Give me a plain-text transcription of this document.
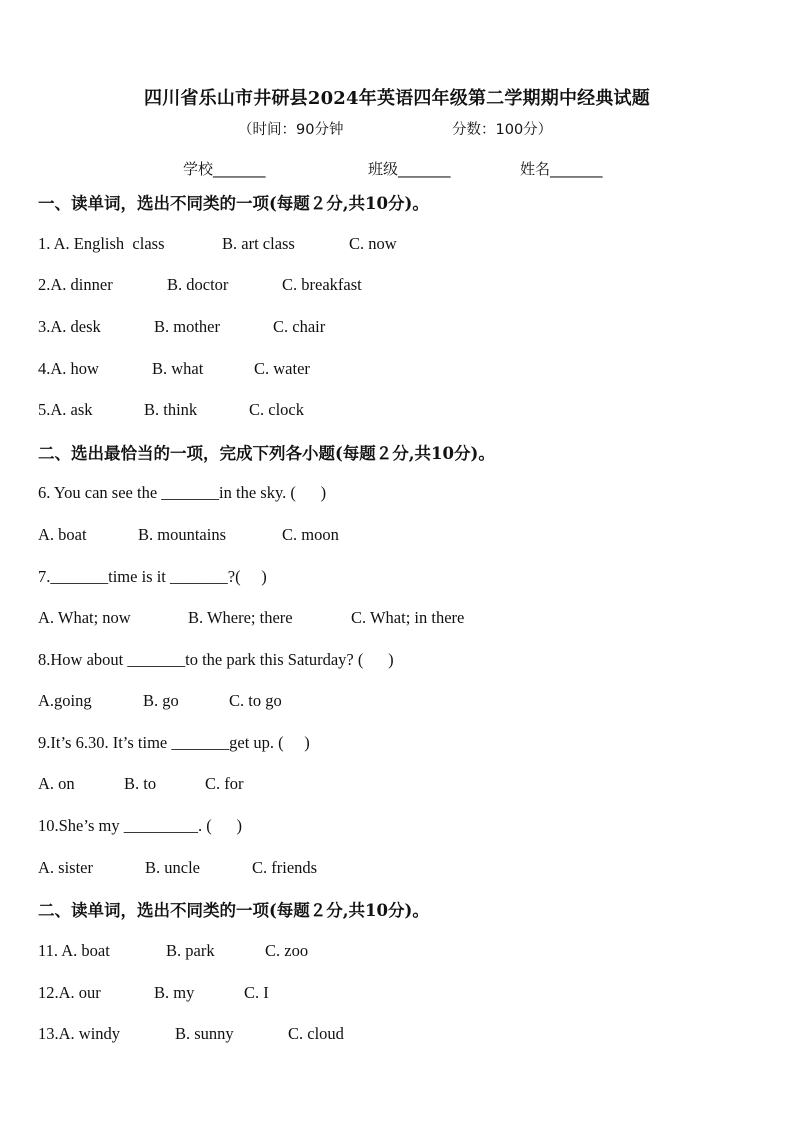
四川省乐山市井研县2024年英语四年级第二学期期中经典试题
（时间：90分钟	分数：100分）
学校_______	班级_______	姓名_______
一、读单词，选出不同类的一项(每题２分,共10分)。
1. A. English  class	B. art class	C. now
2.A. dinner	B. doctor	C. breakfast
3.A. desk	B. mother	C. chair
4.A. how	B. what	C. water
5.A. ask	B. think	C. clock
二、选出最恰当的一项，完成下列各小题(每题２分,共10分)。
6. You can see the _______in the sky. (      )
A. boat	B. mountains	C. moon
7._______time is it _______?(     )
A. What; now	B. Where; there	C. What; in there
8.How about _______to the park this Saturday? (      )
A.going	B. go	C. to go
9.It’s 6.30. It’s time _______get up. (     )
A. on	B. to	C. for
10.She’s my _________. (      )
A. sister	B. uncle	C. friends
二、读单词，选出不同类的一项(每题２分,共10分)。
11. A. boat	B. park	C. zoo
12.A. our	B. my	C. I
13.A. windy	B. sunny	C. cloud
